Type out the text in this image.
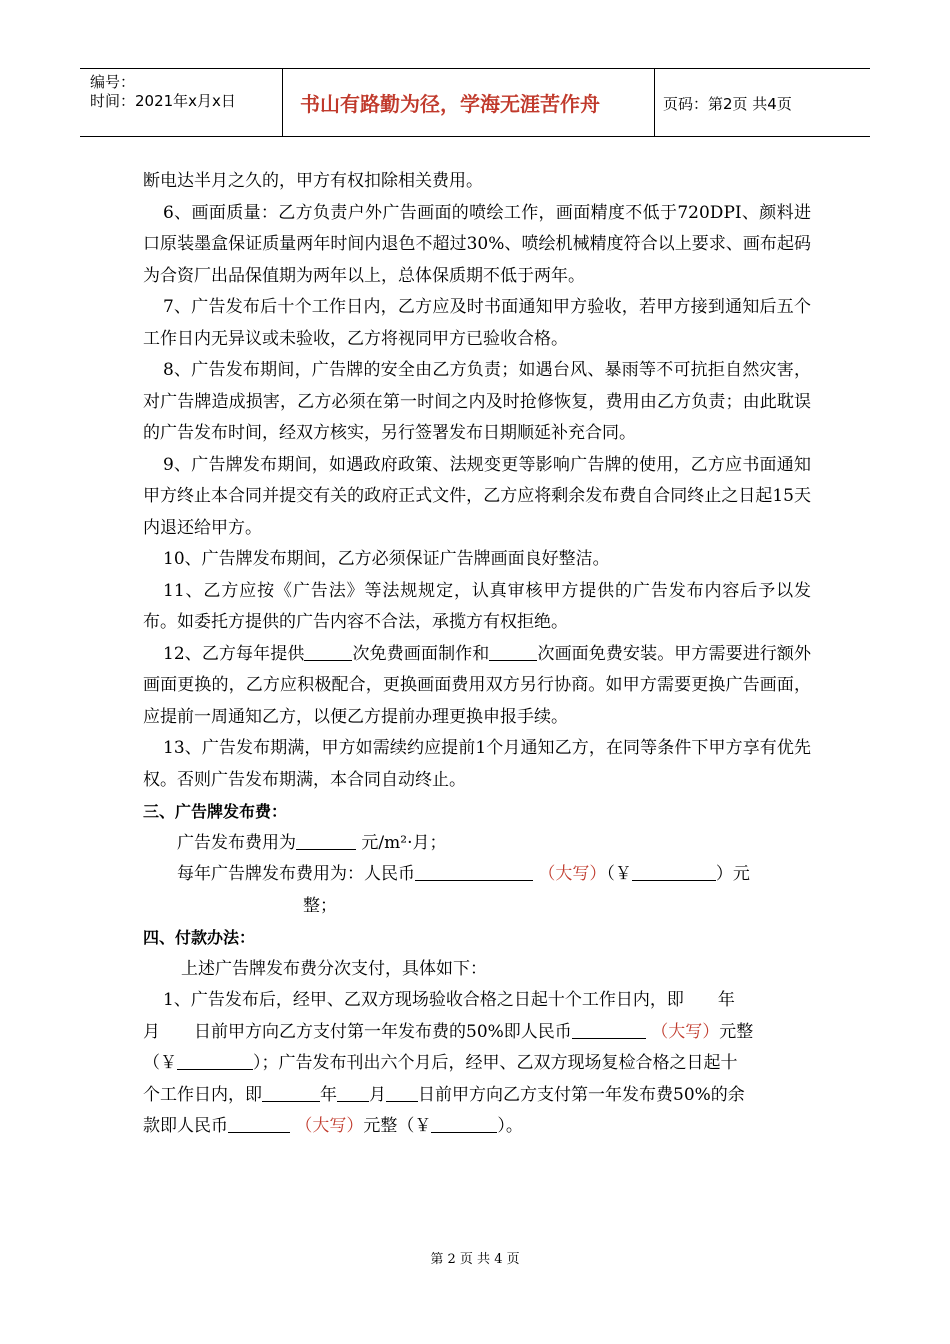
编号：
时间：2021年x月x日	书山有路勤为径，学海无涯苦作舟	页码：第2页 共4页

断电达半月之久的，甲方有权扣除相关费用。

6、画面质量：乙方负责户外广告画面的喷绘工作，画面精度不低于720DPI、颜料进口原装墨盒保证质量两年时间内退色不超过30%、喷绘机械精度符合以上要求、画布起码为合资厂出品保值期为两年以上，总体保质期不低于两年。

7、广告发布后十个工作日内，乙方应及时书面通知甲方验收，若甲方接到通知后五个工作日内无异议或未验收，乙方将视同甲方已验收合格。

8、广告发布期间，广告牌的安全由乙方负责；如遇台风、暴雨等不可抗拒自然灾害，对广告牌造成损害，乙方必须在第一时间之内及时抢修恢复，费用由乙方负责；由此耽误的广告发布时间，经双方核实，另行签署发布日期顺延补充合同。

9、广告牌发布期间，如遇政府政策、法规变更等影响广告牌的使用，乙方应书面通知甲方终止本合同并提交有关的政府正式文件，乙方应将剩余发布费自合同终止之日起15天内退还给甲方。

10、广告牌发布期间，乙方必须保证广告牌画面良好整洁。

11、乙方应按《广告法》等法规规定，认真审核甲方提供的广告发布内容后予以发布。如委托方提供的广告内容不合法，承揽方有权拒绝。

12、乙方每年提供	次免费画面制作和	次画面免费安装。甲方需要进行额外画面更换的，乙方应积极配合，更换画面费用双方另行协商。如甲方需要更换广告画面，应提前一周通知乙方，以便乙方提前办理更换申报手续。

13、广告发布期满，甲方如需续约应提前1个月通知乙方，在同等条件下甲方享有优先权。否则广告发布期满，本合同自动终止。

三、广告牌发布费：

广告发布费用为	元/m²·月；

每年广告牌发布费用为：人民币	（大写）（￥	）元

整；

四、付款办法：

上述广告牌发布费分次支付，具体如下：

1、广告发布后，经甲、乙双方现场验收合格之日起十个工作日内，即　　年

月　　日前甲方向乙方支付第一年发布费的50%即人民币	（大写）元整

（￥	）；广告发布刊出六个月后，经甲、乙双方现场复检合格之日起十

个工作日内，即	年 月 日前甲方向乙方支付第一年发布费50%的余

款即人民币	（大写）元整（￥	）。

第 2 页 共 4 页
